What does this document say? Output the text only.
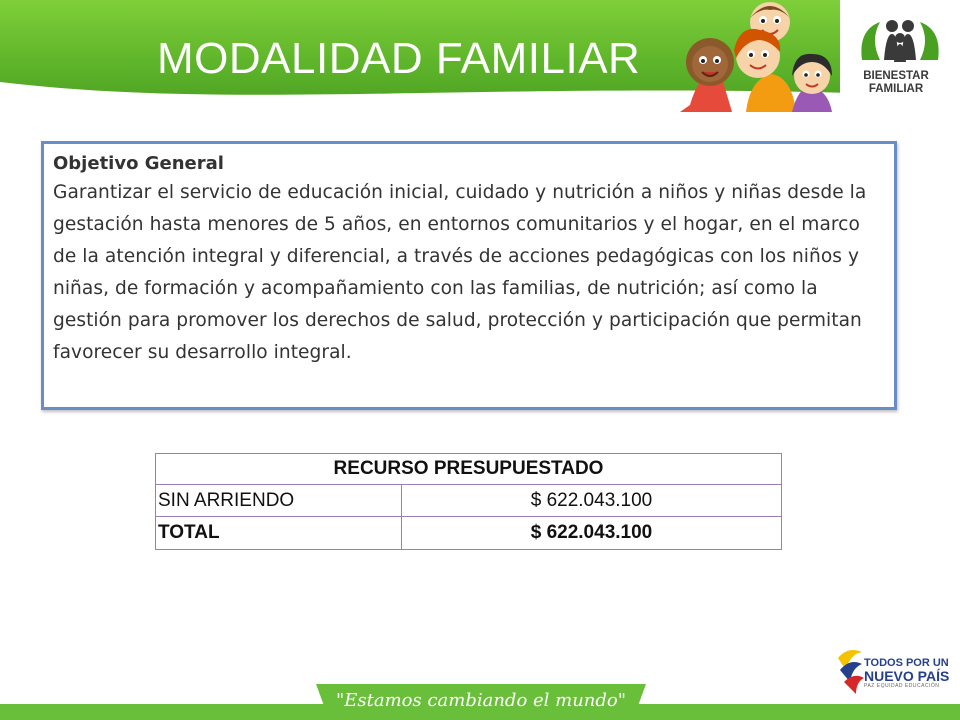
MODALIDAD FAMILIAR	BIENESTAR
FAMILIAR
Objetivo General
Garantizar el servicio de educación inicial, cuidado y nutrición a niños y niñas desde la gestación hasta menores de 5 años, en entornos comunitarios y el hogar, en el marco de la atención integral y diferencial, a través de acciones pedagógicas con los niños y niñas, de formación y acompañamiento con las familias, de nutrición; así como la gestión para promover los derechos de salud, protección y participación que permitan favorecer su desarrollo integral.
RECURSO PRESUPUESTADO	
SIN ARRIENDO	$ 622.043.100
TOTAL	$ 622.043.100
TODOS POR UN
NUEVO PAÍS
PAZ EQUIDAD EDUCACIÓN
"Estamos cambiando el mundo"
